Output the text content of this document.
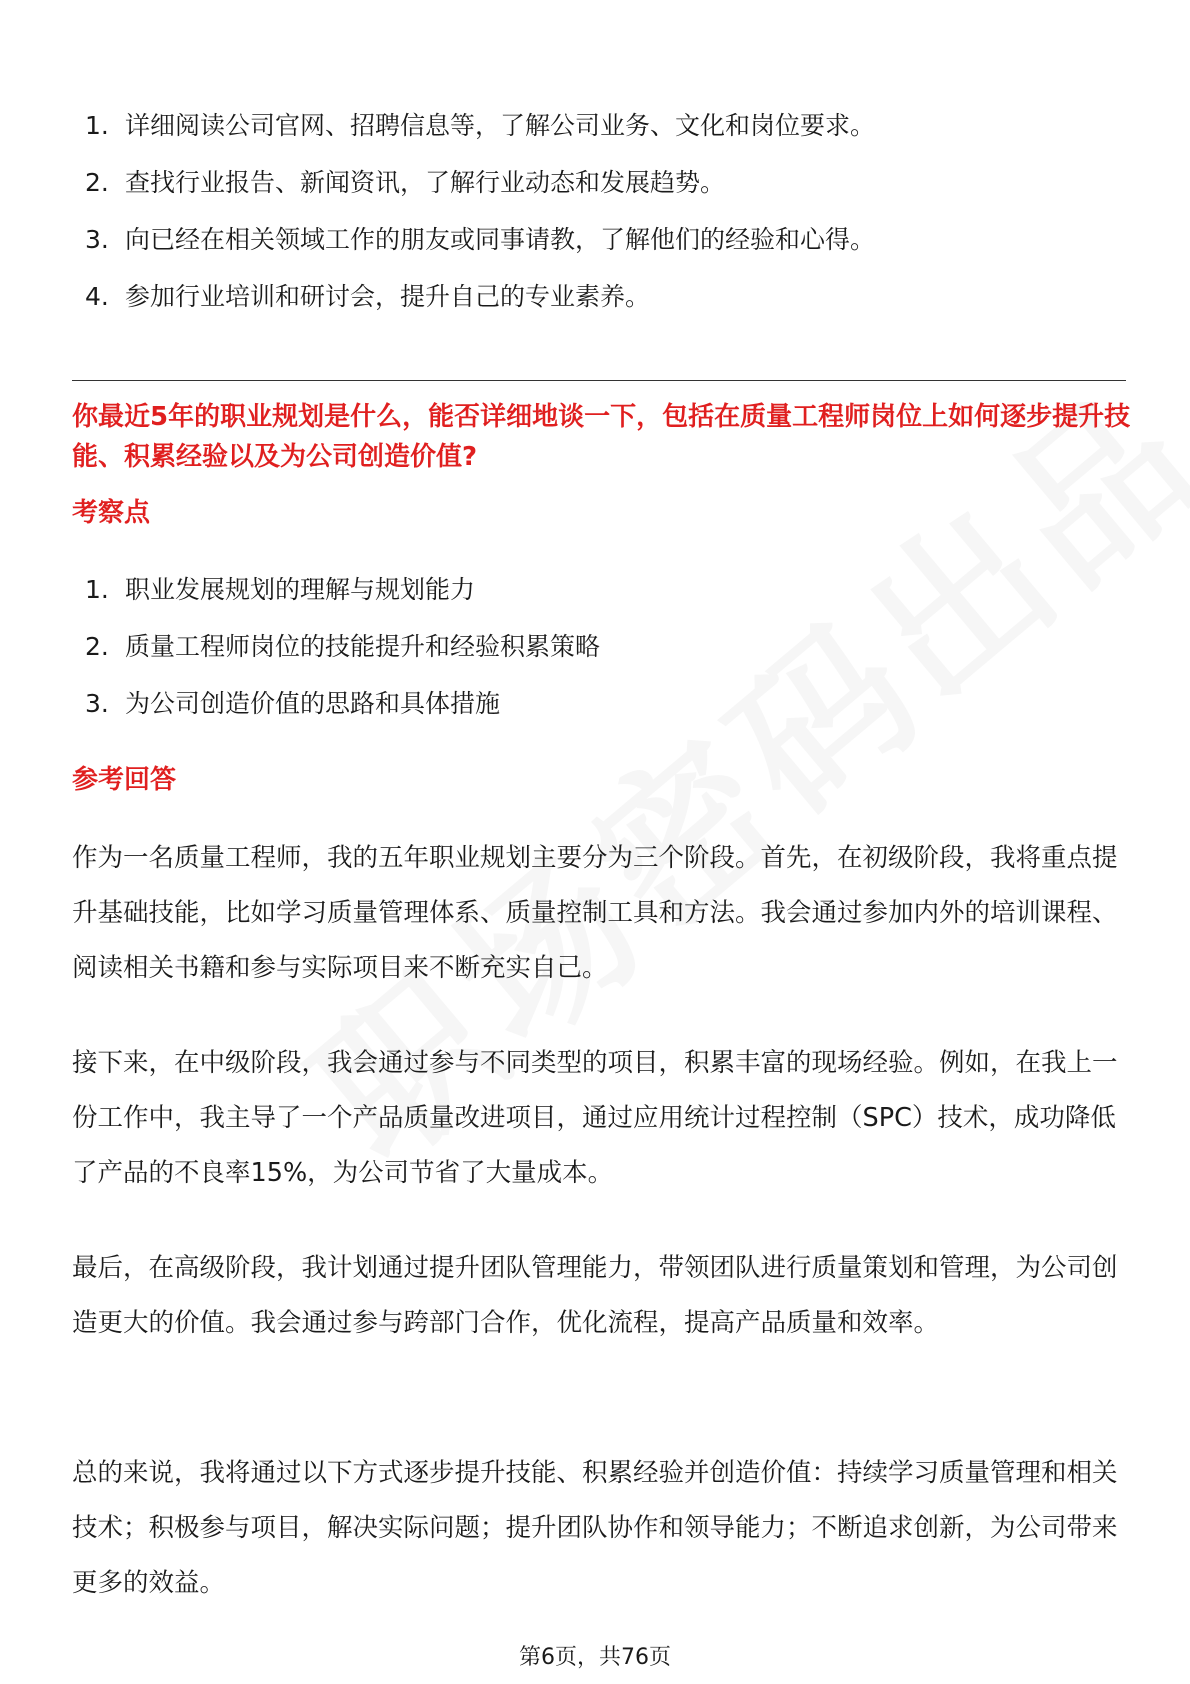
1. 详细阅读公司官网、招聘信息等，了解公司业务、文化和岗位要求。
2. 查找行业报告、新闻资讯，了解行业动态和发展趋势。
3. 向已经在相关领域工作的朋友或同事请教，了解他们的经验和心得。
4. 参加行业培训和研讨会，提升自己的专业素养。
你最近5年的职业规划是什么，能否详细地谈一下，包括在质量工程师岗位上如何逐步提升技能、积累经验以及为公司创造价值?
考察点
1. 职业发展规划的理解与规划能力
2. 质量工程师岗位的技能提升和经验积累策略
3. 为公司创造价值的思路和具体措施
参考回答

作为一名质量工程师，我的五年职业规划主要分为三个阶段。首先，在初级阶段，我将重点提升基础技能，比如学习质量管理体系、质量控制工具和方法。我会通过参加内外的培训课程、阅读相关书籍和参与实际项目来不断充实自己。

接下来，在中级阶段，我会通过参与不同类型的项目，积累丰富的现场经验。例如，在我上一份工作中，我主导了一个产品质量改进项目，通过应用统计过程控制（SPC）技术，成功降低了产品的不良率15%，为公司节省了大量成本。

最后，在高级阶段，我计划通过提升团队管理能力，带领团队进行质量策划和管理，为公司创造更大的价值。我会通过参与跨部门合作，优化流程，提高产品质量和效率。

总的来说，我将通过以下方式逐步提升技能、积累经验并创造价值：持续学习质量管理和相关技术；积极参与项目，解决实际问题；提升团队协作和领导能力；不断追求创新，为公司带来更多的效益。

第6页，共76页
